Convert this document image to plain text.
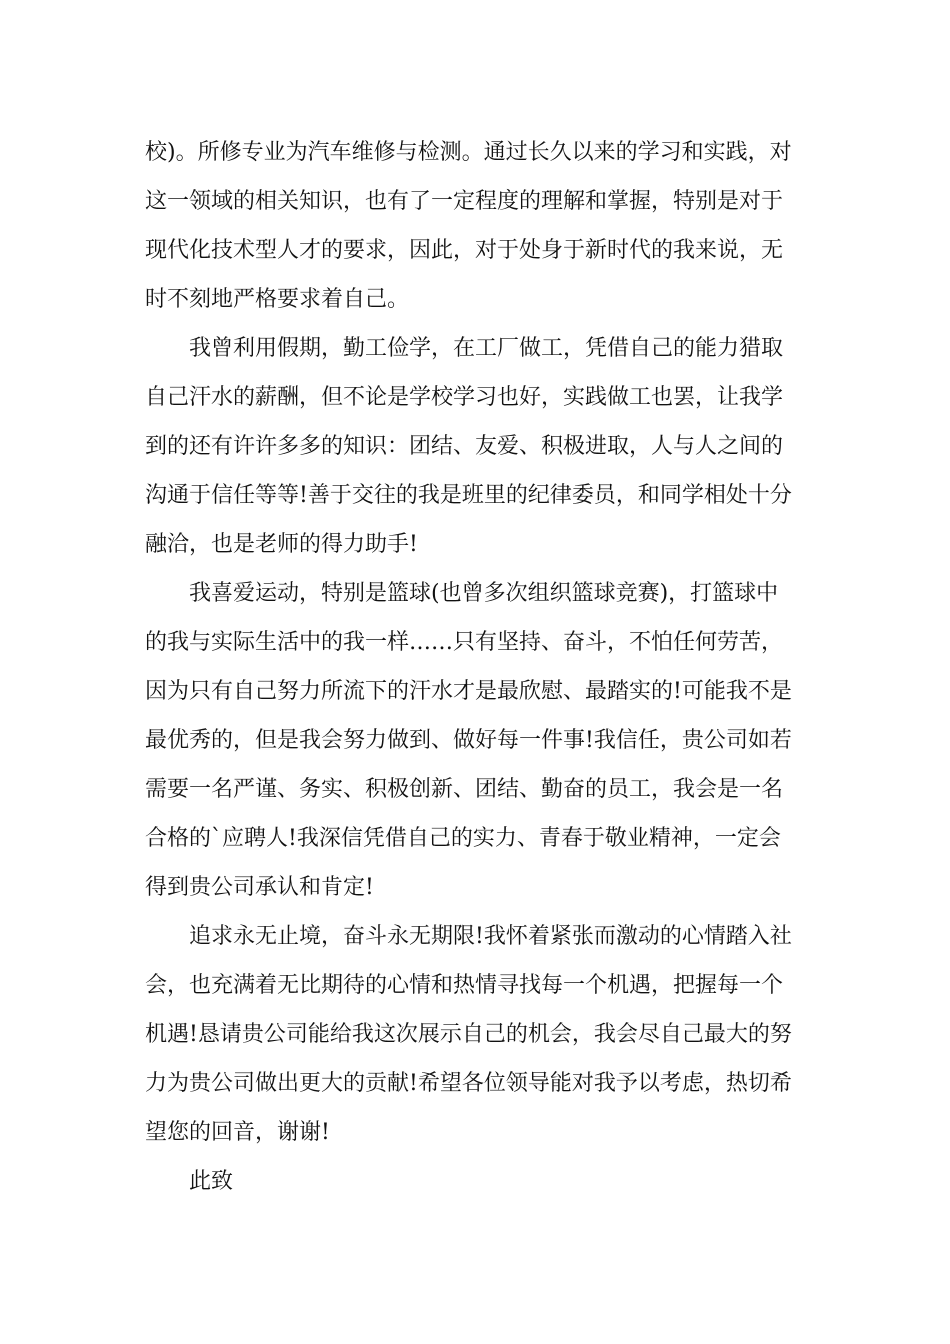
校)。所修专业为汽车维修与检测。通过长久以来的学习和实践，对
这一领域的相关知识，也有了一定程度的理解和掌握，特别是对于
现代化技术型人才的要求，因此，对于处身于新时代的我来说，无
时不刻地严格要求着自己。
我曾利用假期，勤工俭学，在工厂做工，凭借自己的能力猎取
自己汗水的薪酬，但不论是学校学习也好，实践做工也罢，让我学
到的还有许许多多的知识：团结、友爱、积极进取，人与人之间的
沟通于信任等等!善于交往的我是班里的纪律委员，和同学相处十分
融洽，也是老师的得力助手!
我喜爱运动，特别是篮球(也曾多次组织篮球竞赛)，打篮球中
的我与实际生活中的我一样……只有坚持、奋斗，不怕任何劳苦，
因为只有自己努力所流下的汗水才是最欣慰、最踏实的!可能我不是
最优秀的，但是我会努力做到、做好每一件事!我信任，贵公司如若
需要一名严谨、务实、积极创新、团结、勤奋的员工，我会是一名
合格的`应聘人!我深信凭借自己的实力、青春于敬业精神，一定会
得到贵公司承认和肯定!
追求永无止境，奋斗永无期限!我怀着紧张而激动的心情踏入社
会，也充满着无比期待的心情和热情寻找每一个机遇，把握每一个
机遇!恳请贵公司能给我这次展示自己的机会，我会尽自己最大的努
力为贵公司做出更大的贡献!希望各位领导能对我予以考虑，热切希
望您的回音，谢谢!
此致
